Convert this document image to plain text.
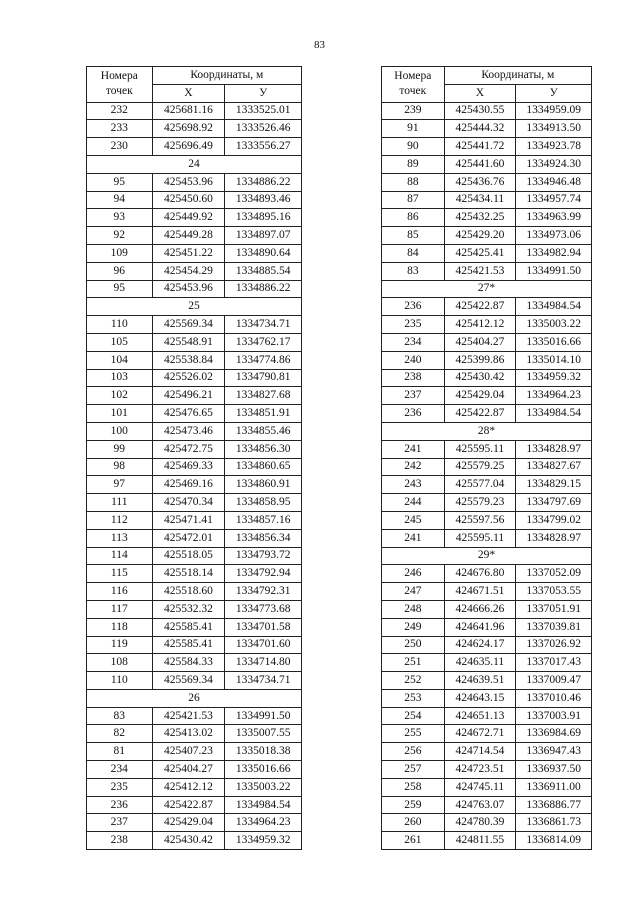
83
Номера
точек	Координаты, м	
	Х	У
232	425681.16	1333525.01
233	425698.92	1333526.46
230	425696.49	1333556.27
24		
95	425453.96	1334886.22
94	425450.60	1334893.46
93	425449.92	1334895.16
92	425449.28	1334897.07
109	425451.22	1334890.64
96	425454.29	1334885.54
95	425453.96	1334886.22
25		
110	425569.34	1334734.71
105	425548.91	1334762.17
104	425538.84	1334774.86
103	425526.02	1334790.81
102	425496.21	1334827.68
101	425476.65	1334851.91
100	425473.46	1334855.46
99	425472.75	1334856.30
98	425469.33	1334860.65
97	425469.16	1334860.91
111	425470.34	1334858.95
112	425471.41	1334857.16
113	425472.01	1334856.34
114	425518.05	1334793.72
115	425518.14	1334792.94
116	425518.60	1334792.31
117	425532.32	1334773.68
118	425585.41	1334701.58
119	425585.41	1334701.60
108	425584.33	1334714.80
110	425569.34	1334734.71
26		
83	425421.53	1334991.50
82	425413.02	1335007.55
81	425407.23	1335018.38
234	425404.27	1335016.66
235	425412.12	1335003.22
236	425422.87	1334984.54
237	425429.04	1334964.23
238	425430.42	1334959.32
Номера
точек	Координаты, м	
	Х	У
239	425430.55	1334959.09
91	425444.32	1334913.50
90	425441.72	1334923.78
89	425441.60	1334924.30
88	425436.76	1334946.48
87	425434.11	1334957.74
86	425432.25	1334963.99
85	425429.20	1334973.06
84	425425.41	1334982.94
83	425421.53	1334991.50
27*		
236	425422.87	1334984.54
235	425412.12	1335003.22
234	425404.27	1335016.66
240	425399.86	1335014.10
238	425430.42	1334959.32
237	425429.04	1334964.23
236	425422.87	1334984.54
28*		
241	425595.11	1334828.97
242	425579.25	1334827.67
243	425577.04	1334829.15
244	425579.23	1334797.69
245	425597.56	1334799.02
241	425595.11	1334828.97
29*		
246	424676.80	1337052.09
247	424671.51	1337053.55
248	424666.26	1337051.91
249	424641.96	1337039.81
250	424624.17	1337026.92
251	424635.11	1337017.43
252	424639.51	1337009.47
253	424643.15	1337010.46
254	424651.13	1337003.91
255	424672.71	1336984.69
256	424714.54	1336947.43
257	424723.51	1336937.50
258	424745.11	1336911.00
259	424763.07	1336886.77
260	424780.39	1336861.73
261	424811.55	1336814.09
